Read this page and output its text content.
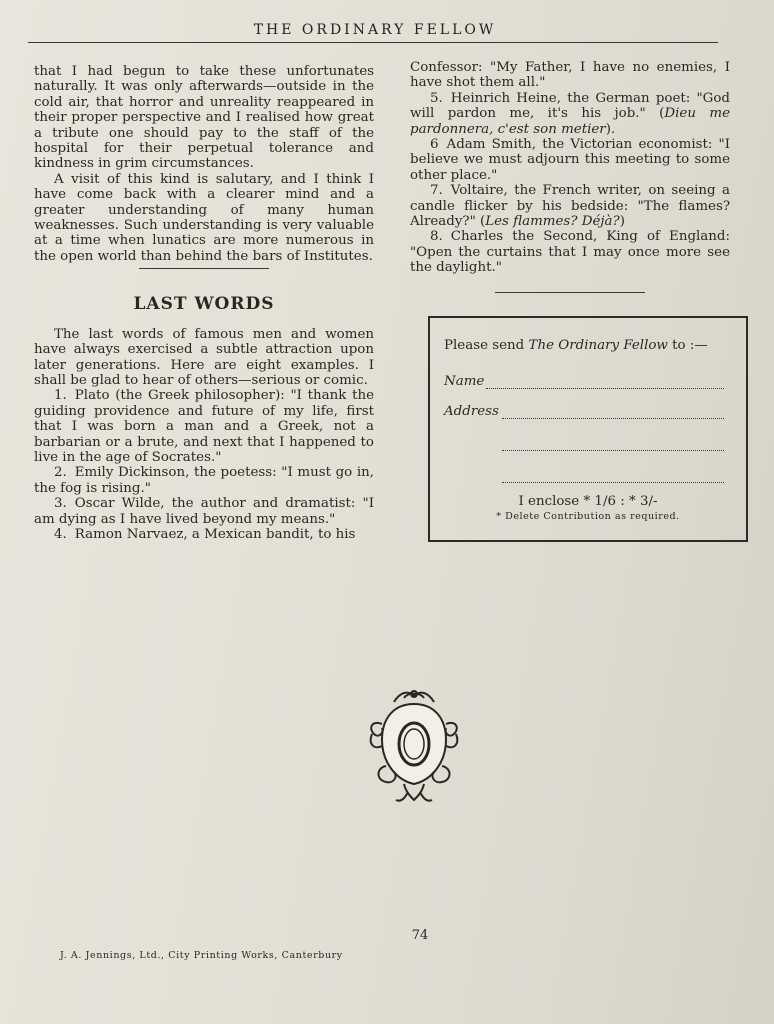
THE ORDINARY FELLOW

that I had begun to take these unfortunates naturally. It was only afterwards—outside in the cold air, that horror and unreality reappeared in their proper perspective and I realised how great a tribute one should pay to the staff of the hospital for their perpetual tolerance and kindness in grim circumstances.

A visit of this kind is salutary, and I think I have come back with a clearer mind and a greater understanding of many human weaknesses. Such understanding is very valuable at a time when lunatics are more numerous in the open world than behind the bars of Institutes.

LAST WORDS

The last words of famous men and women have always exercised a subtle attraction upon later generations. Here are eight examples. I shall be glad to hear of others—serious or comic.

1. Plato (the Greek philosopher): "I thank the guiding providence and future of my life, first that I was born a man and a Greek, not a barbarian or a brute, and next that I happened to live in the age of Socrates."

2. Emily Dickinson, the poetess: "I must go in, the fog is rising."

3. Oscar Wilde, the author and dramatist: "I am dying as I have lived beyond my means."

4. Ramon Narvaez, a Mexican bandit, to his

Confessor: "My Father, I have no enemies, I have shot them all."

5. Heinrich Heine, the German poet: "God will pardon me, it's his job." (Dieu me pardonnera, c'est son metier).

6 Adam Smith, the Victorian economist: "I believe we must adjourn this meeting to some other place."

7. Voltaire, the French writer, on seeing a candle flicker by his bedside: "The flames? Already?" (Les flammes? Déjà?)

8. Charles the Second, King of England: "Open the curtains that I may once more see the daylight."

Please send The Ordinary Fellow to :—
Name
Address
I enclose * 1/6 : * 3/-
* Delete Contribution as required.
74
J. A. Jennings, Ltd., City Printing Works, Canterbury
